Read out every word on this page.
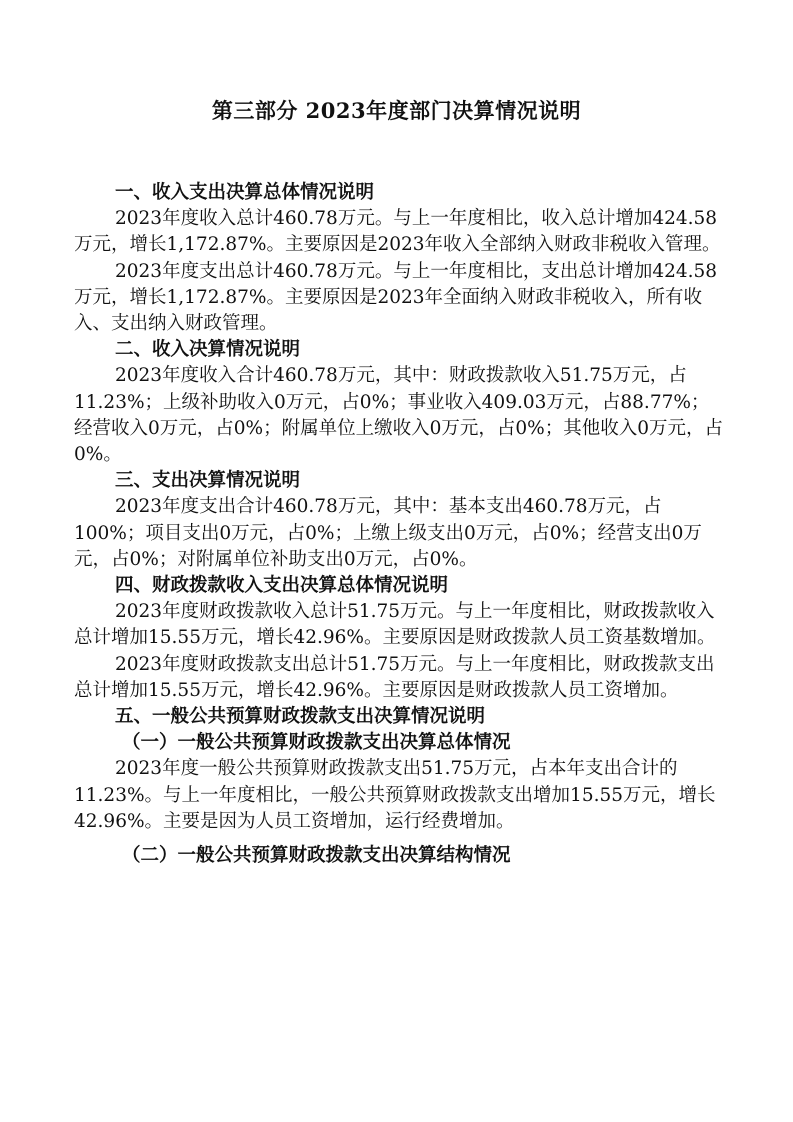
第三部分 2023年度部门决算情况说明

一、收入支出决算总体情况说明

2023年度收入总计460.78万元。与上一年度相比，收入总计增加424.58万元，增长1,172.87%。主要原因是2023年收入全部纳入财政非税收入管理。

2023年度支出总计460.78万元。与上一年度相比，支出总计增加424.58万元，增长1,172.87%。主要原因是2023年全面纳入财政非税收入，所有收入、支出纳入财政管理。

二、收入决算情况说明

2023年度收入合计460.78万元，其中：财政拨款收入51.75万元，占11.23%；上级补助收入0万元，占0%；事业收入409.03万元，占88.77%；经营收入0万元，占0%；附属单位上缴收入0万元，占0%；其他收入0万元，占0%。

三、支出决算情况说明

2023年度支出合计460.78万元，其中：基本支出460.78万元，占100%；项目支出0万元，占0%；上缴上级支出0万元，占0%；经营支出0万元，占0%；对附属单位补助支出0万元，占0%。

四、财政拨款收入支出决算总体情况说明

2023年度财政拨款收入总计51.75万元。与上一年度相比，财政拨款收入总计增加15.55万元，增长42.96%。主要原因是财政拨款人员工资基数增加。

2023年度财政拨款支出总计51.75万元。与上一年度相比，财政拨款支出总计增加15.55万元，增长42.96%。主要原因是财政拨款人员工资增加。

五、一般公共预算财政拨款支出决算情况说明

（一）一般公共预算财政拨款支出决算总体情况

2023年度一般公共预算财政拨款支出51.75万元，占本年支出合计的11.23%。与上一年度相比，一般公共预算财政拨款支出增加15.55万元，增长42.96%。主要是因为人员工资增加，运行经费增加。

（二）一般公共预算财政拨款支出决算结构情况
